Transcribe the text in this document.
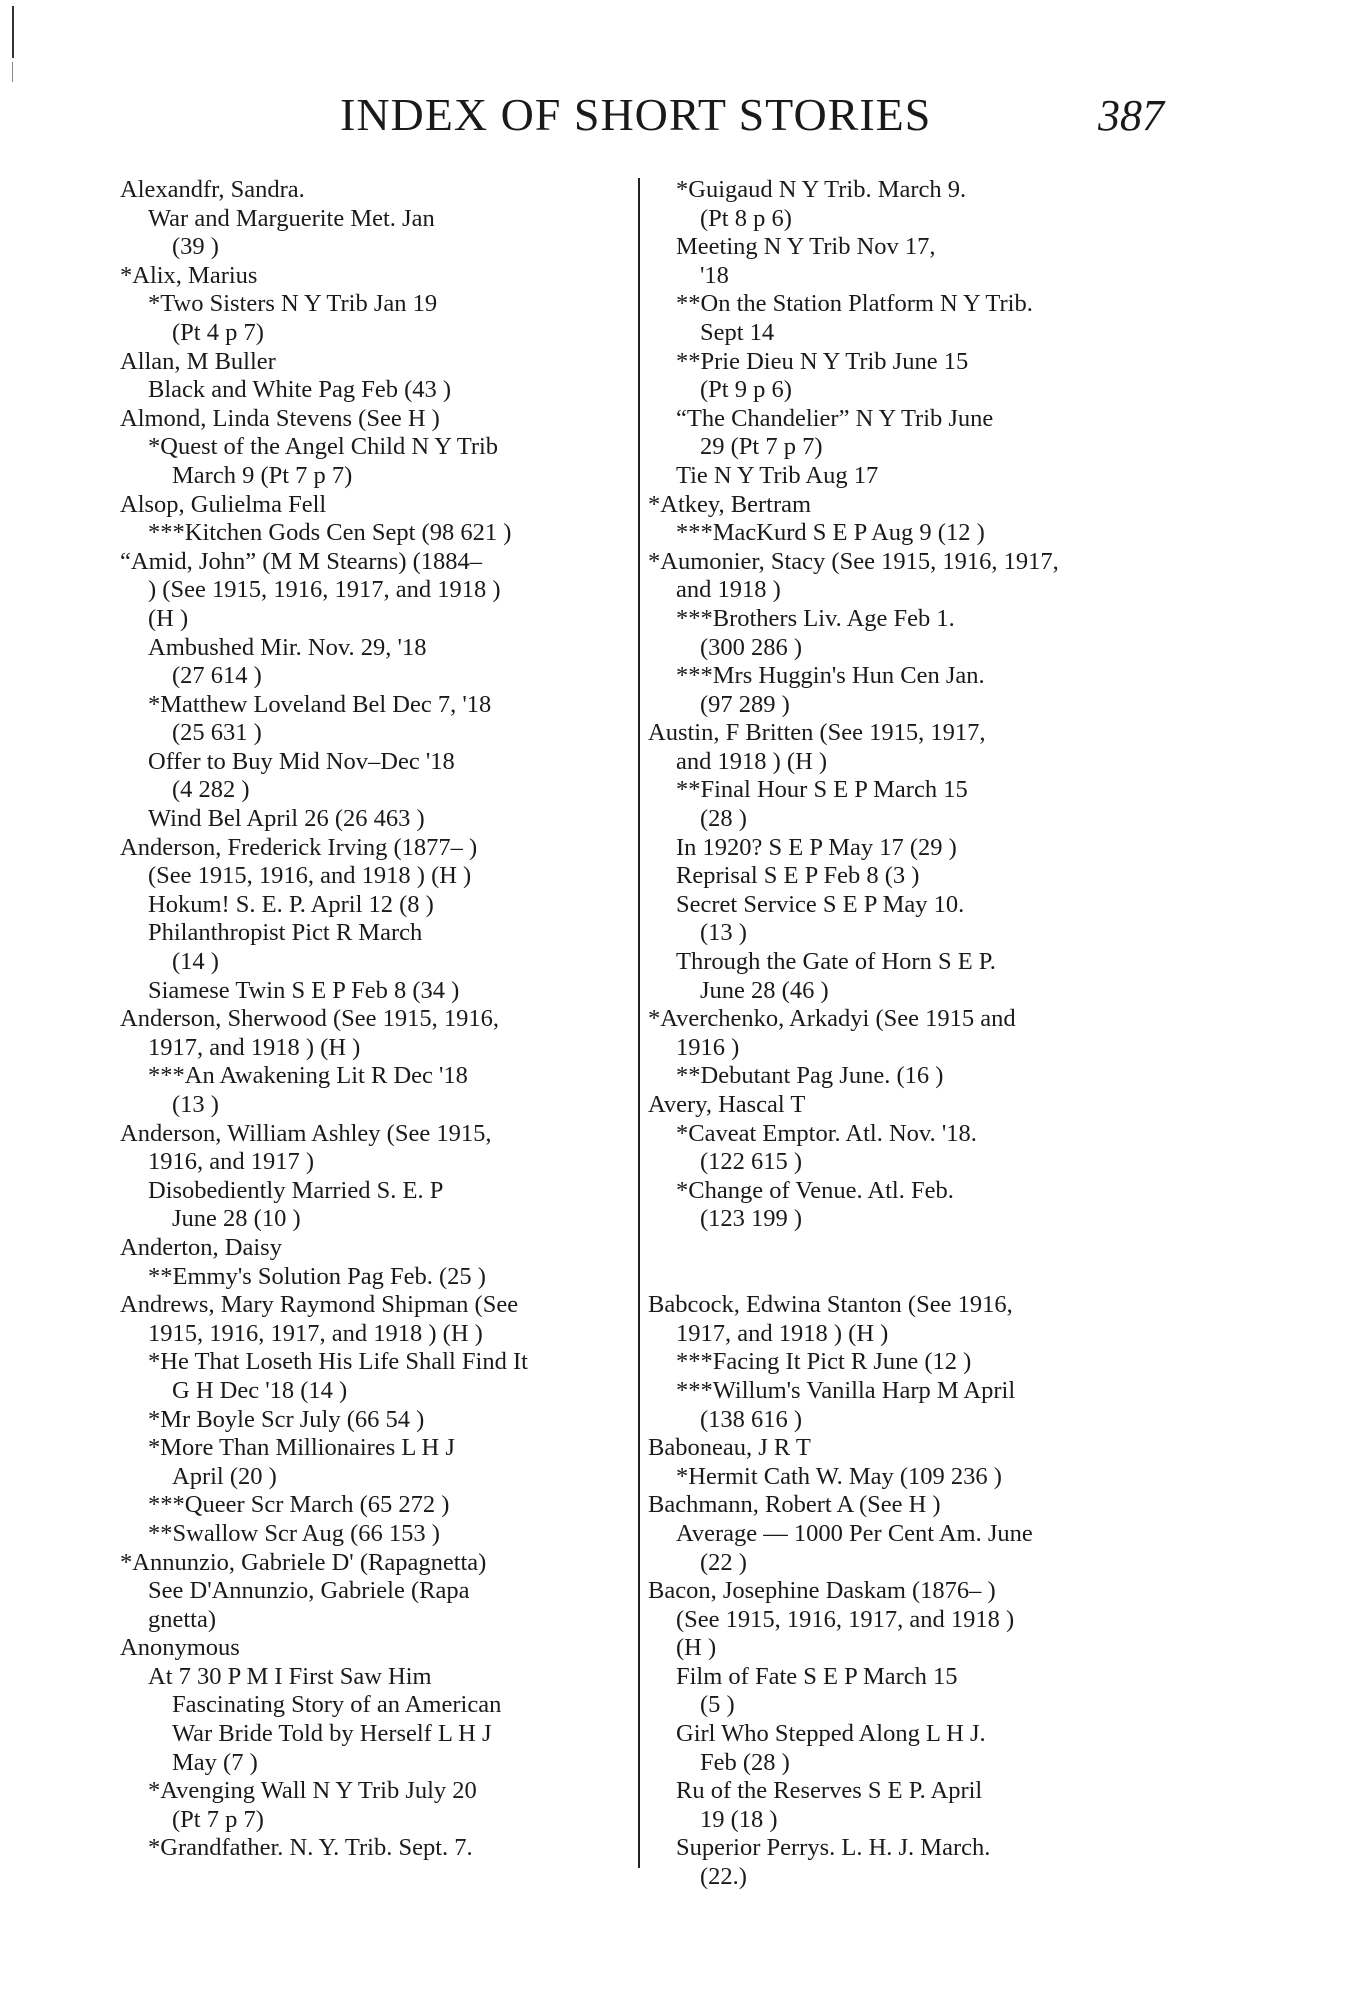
INDEX OF SHORT STORIES	387
Alexandfr, Sandra.
War and Marguerite Met. Jan
(39 )
*Alix, Marius
*Two Sisters N Y Trib Jan 19
(Pt 4 p 7)
Allan, M Buller
Black and White Pag Feb (43 )
Almond, Linda Stevens (See H )
*Quest of the Angel Child N Y Trib
March 9 (Pt 7 p 7)
Alsop, Gulielma Fell
***Kitchen Gods Cen Sept (98 621 )
“Amid, John” (M M Stearns) (1884–
) (See 1915, 1916, 1917, and 1918 )
(H )
Ambushed Mir. Nov. 29, '18
(27 614 )
*Matthew Loveland Bel Dec 7, '18
(25 631 )
Offer to Buy Mid Nov–Dec '18
(4 282 )
Wind Bel April 26 (26 463 )
Anderson, Frederick Irving (1877– )
(See 1915, 1916, and 1918 ) (H )
Hokum! S. E. P. April 12 (8 )
Philanthropist Pict R March
(14 )
Siamese Twin S E P Feb 8 (34 )
Anderson, Sherwood (See 1915, 1916,
1917, and 1918 ) (H )
***An Awakening Lit R Dec '18
(13 )
Anderson, William Ashley (See 1915,
1916, and 1917 )
Disobediently Married S. E. P
June 28 (10 )
Anderton, Daisy
**Emmy's Solution Pag Feb. (25 )
Andrews, Mary Raymond Shipman (See
1915, 1916, 1917, and 1918 ) (H )
*He That Loseth His Life Shall Find It
G H Dec '18 (14 )
*Mr Boyle Scr July (66 54 )
*More Than Millionaires L H J
April (20 )
***Queer Scr March (65 272 )
**Swallow Scr Aug (66 153 )
*Annunzio, Gabriele D' (Rapagnetta)
See D'Annunzio, Gabriele (Rapa
gnetta)
Anonymous
At 7 30 P M I First Saw Him
Fascinating Story of an American
War Bride Told by Herself L H J
May (7 )
*Avenging Wall N Y Trib July 20
(Pt 7 p 7)
*Grandfather. N. Y. Trib. Sept. 7.
*Guigaud N Y Trib. March 9.
(Pt 8 p 6)
Meeting N Y Trib Nov 17,
'18
**On the Station Platform N Y Trib.
Sept 14
**Prie Dieu N Y Trib June 15
(Pt 9 p 6)
“The Chandelier” N Y Trib June
29 (Pt 7 p 7)
Tie N Y Trib Aug 17
*Atkey, Bertram
***MacKurd S E P Aug 9 (12 )
*Aumonier, Stacy (See 1915, 1916, 1917,
and 1918 )
***Brothers Liv. Age Feb 1.
(300 286 )
***Mrs Huggin's Hun Cen Jan.
(97 289 )
Austin, F Britten (See 1915, 1917,
and 1918 ) (H )
**Final Hour S E P March 15
(28 )
In 1920? S E P May 17 (29 )
Reprisal S E P Feb 8 (3 )
Secret Service S E P May 10.
(13 )
Through the Gate of Horn S E P.
June 28 (46 )
*Averchenko, Arkadyi (See 1915 and
1916 )
**Debutant Pag June. (16 )
Avery, Hascal T
*Caveat Emptor. Atl. Nov. '18.
(122 615 )
*Change of Venue. Atl. Feb.
(123 199 )
Babcock, Edwina Stanton (See 1916,
1917, and 1918 ) (H )
***Facing It Pict R June (12 )
***Willum's Vanilla Harp M April
(138 616 )
Baboneau, J R T
*Hermit Cath W. May (109 236 )
Bachmann, Robert A (See H )
Average — 1000 Per Cent Am. June
(22 )
Bacon, Josephine Daskam (1876– )
(See 1915, 1916, 1917, and 1918 )
(H )
Film of Fate S E P March 15
(5 )
Girl Who Stepped Along L H J.
Feb (28 )
Ru of the Reserves S E P. April
19 (18 )
Superior Perrys. L. H. J. March.
(22.)
